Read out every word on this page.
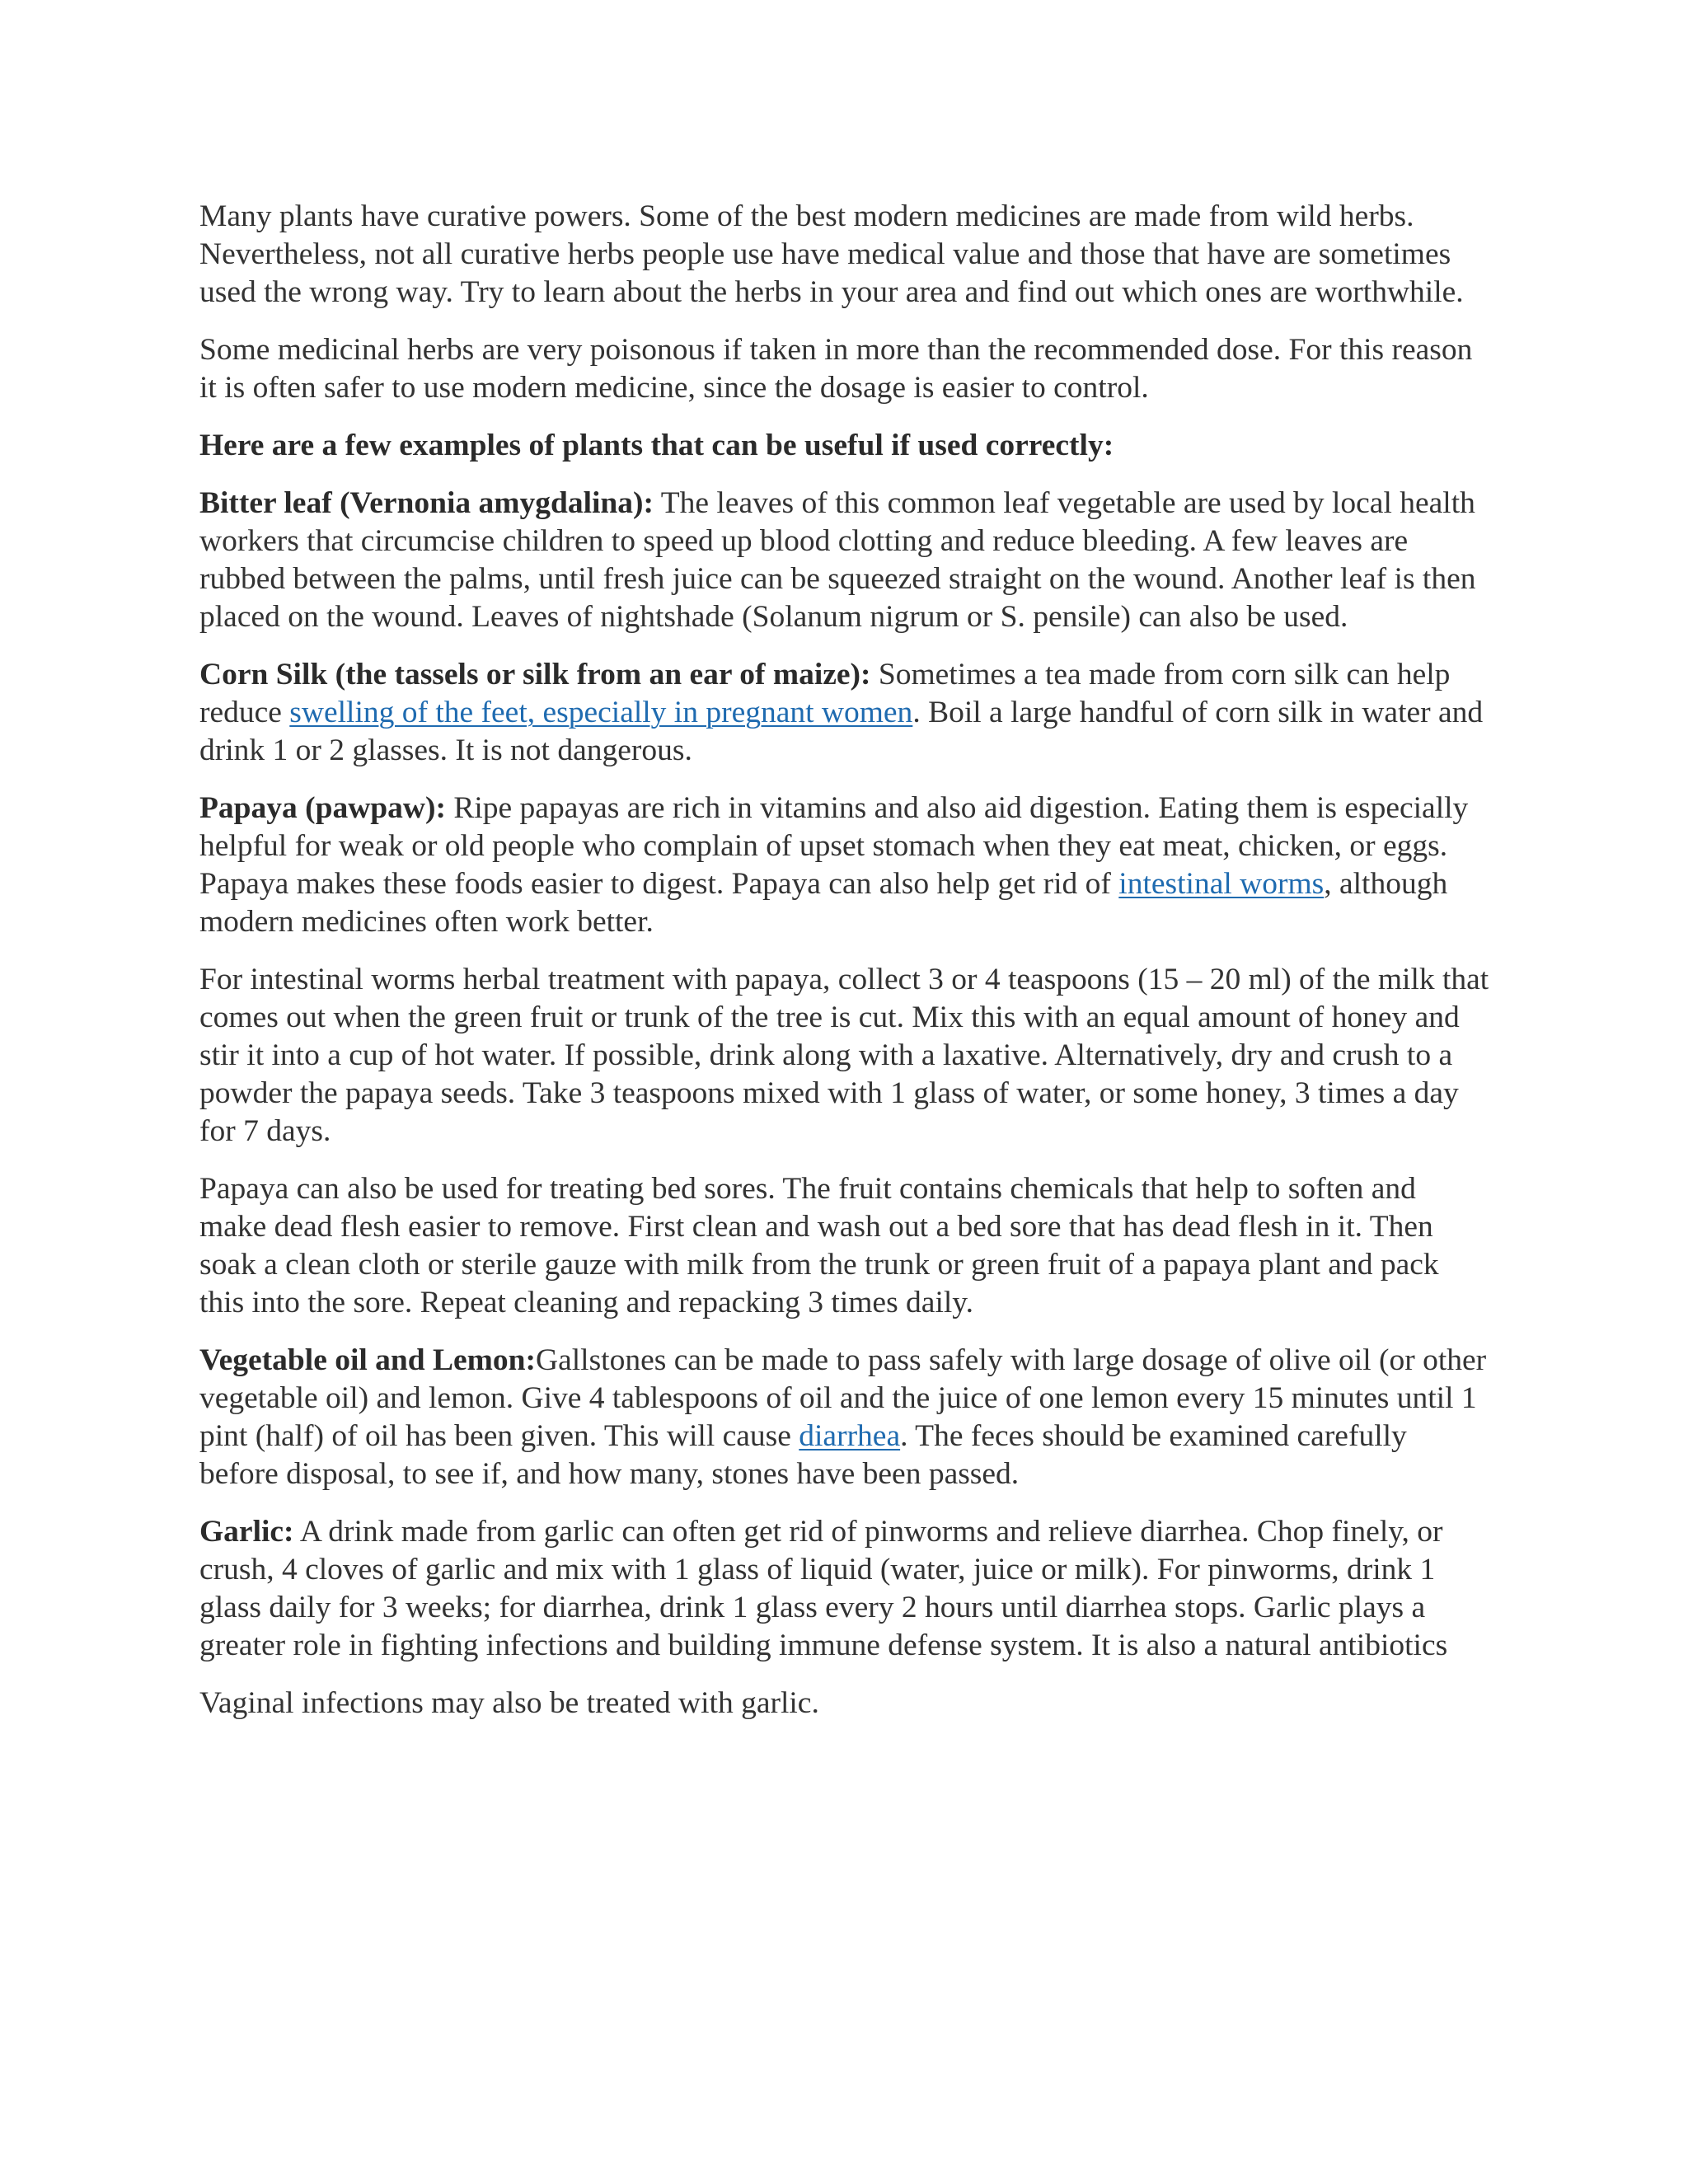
Many plants have curative powers. Some of the best modern medicines are made from wild herbs. Nevertheless, not all curative herbs people use have medical value and those that have are sometimes used the wrong way. Try to learn about the herbs in your area and find out which ones are worthwhile.

Some medicinal herbs are very poisonous if taken in more than the recommended dose. For this reason it is often safer to use modern medicine, since the dosage is easier to control.

Here are a few examples of plants that can be useful if used correctly:

Bitter leaf (Vernonia amygdalina): The leaves of this common leaf vegetable are used by local health workers that circumcise children to speed up blood clotting and reduce bleeding. A few leaves are rubbed between the palms, until fresh juice can be squeezed straight on the wound. Another leaf is then placed on the wound. Leaves of nightshade (Solanum nigrum or S. pensile) can also be used.

Corn Silk (the tassels or silk from an ear of maize): Sometimes a tea made from corn silk can help reduce swelling of the feet, especially in pregnant women. Boil a large handful of corn silk in water and drink 1 or 2 glasses. It is not dangerous.

Papaya (pawpaw): Ripe papayas are rich in vitamins and also aid digestion. Eating them is especially helpful for weak or old people who complain of upset stomach when they eat meat, chicken, or eggs. Papaya makes these foods easier to digest. Papaya can also help get rid of intestinal worms, although modern medicines often work better.

For intestinal worms herbal treatment with papaya, collect 3 or 4 teaspoons (15 – 20 ml) of the milk that comes out when the green fruit or trunk of the tree is cut. Mix this with an equal amount of honey and stir it into a cup of hot water. If possible, drink along with a laxative. Alternatively, dry and crush to a powder the papaya seeds. Take 3 teaspoons mixed with 1 glass of water, or some honey, 3 times a day for 7 days.

Papaya can also be used for treating bed sores. The fruit contains chemicals that help to soften and make dead flesh easier to remove. First clean and wash out a bed sore that has dead flesh in it. Then soak a clean cloth or sterile gauze with milk from the trunk or green fruit of a papaya plant and pack this into the sore. Repeat cleaning and repacking 3 times daily.

Vegetable oil and Lemon:Gallstones can be made to pass safely with large dosage of olive oil (or other vegetable oil) and lemon. Give 4 tablespoons of oil and the juice of one lemon every 15 minutes until 1 pint (half) of oil has been given. This will cause diarrhea. The feces should be examined carefully before disposal, to see if, and how many, stones have been passed.

Garlic: A drink made from garlic can often get rid of pinworms and relieve diarrhea. Chop finely, or crush, 4 cloves of garlic and mix with 1 glass of liquid (water, juice or milk). For pinworms, drink 1 glass daily for 3 weeks; for diarrhea, drink 1 glass every 2 hours until diarrhea stops. Garlic plays a greater role in fighting infections and building immune defense system. It is also a natural antibiotics

Vaginal infections may also be treated with garlic.
